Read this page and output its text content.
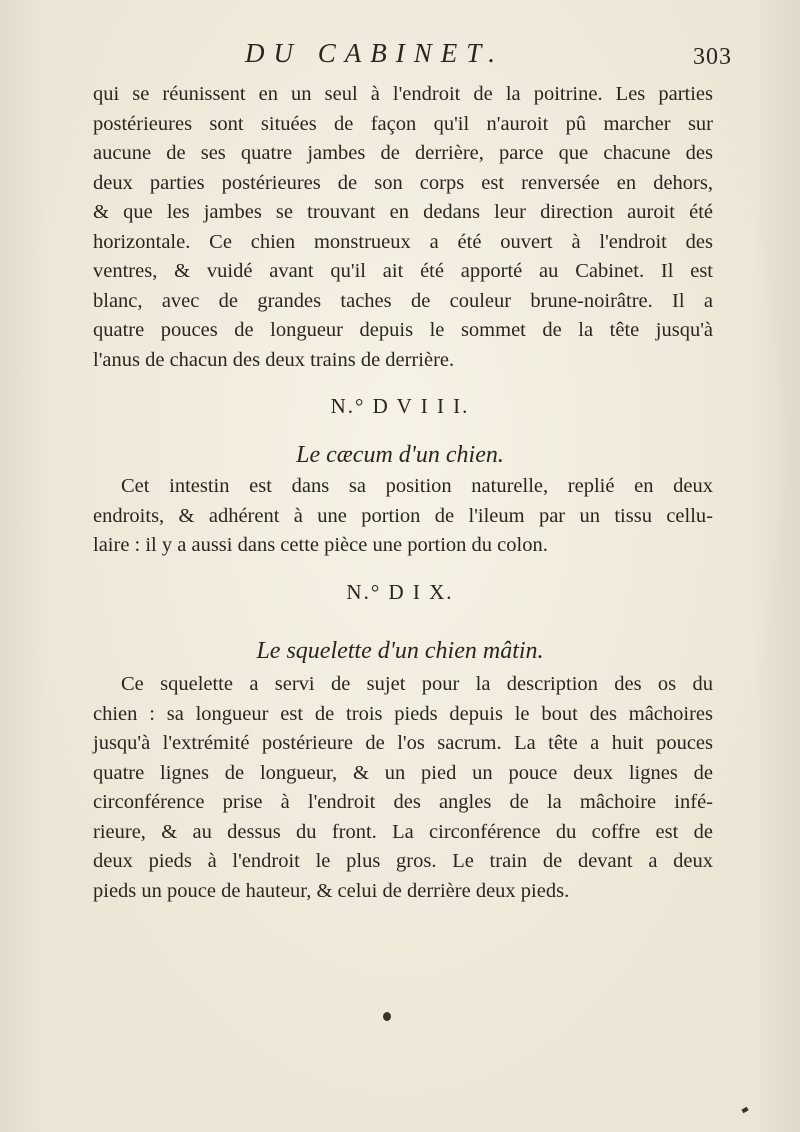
DU CABINET.	303
qui se réunissent en un seul à l'endroit de la poitrine. Les parties
postérieures sont situées de façon qu'il n'auroit pû marcher sur
aucune de ses quatre jambes de derrière, parce que chacune des
deux parties postérieures de son corps est renversée en dehors,
& que les jambes se trouvant en dedans leur direction auroit été
horizontale. Ce chien monstrueux a été ouvert à l'endroit des
ventres, & vuidé avant qu'il ait été apporté au Cabinet. Il est
blanc, avec de grandes taches de couleur brune-noirâtre. Il a
quatre pouces de longueur depuis le sommet de la tête jusqu'à
l'anus de chacun des deux trains de derrière.
N.° D V I I I.
Le cæcum d'un chien.
Cet intestin est dans sa position naturelle, replié en deux
endroits, & adhérent à une portion de l'ileum par un tissu cellu-
laire : il y a aussi dans cette pièce une portion du colon.
N.° D I X.
Le squelette d'un chien mâtin.
Ce squelette a servi de sujet pour la description des os du
chien : sa longueur est de trois pieds depuis le bout des mâchoires
jusqu'à l'extrémité postérieure de l'os sacrum. La tête a huit pouces
quatre lignes de longueur, & un pied un pouce deux lignes de
circonférence prise à l'endroit des angles de la mâchoire infé-
rieure, & au dessus du front. La circonférence du coffre est de
deux pieds à l'endroit le plus gros. Le train de devant a deux
pieds un pouce de hauteur, & celui de derrière deux pieds.
